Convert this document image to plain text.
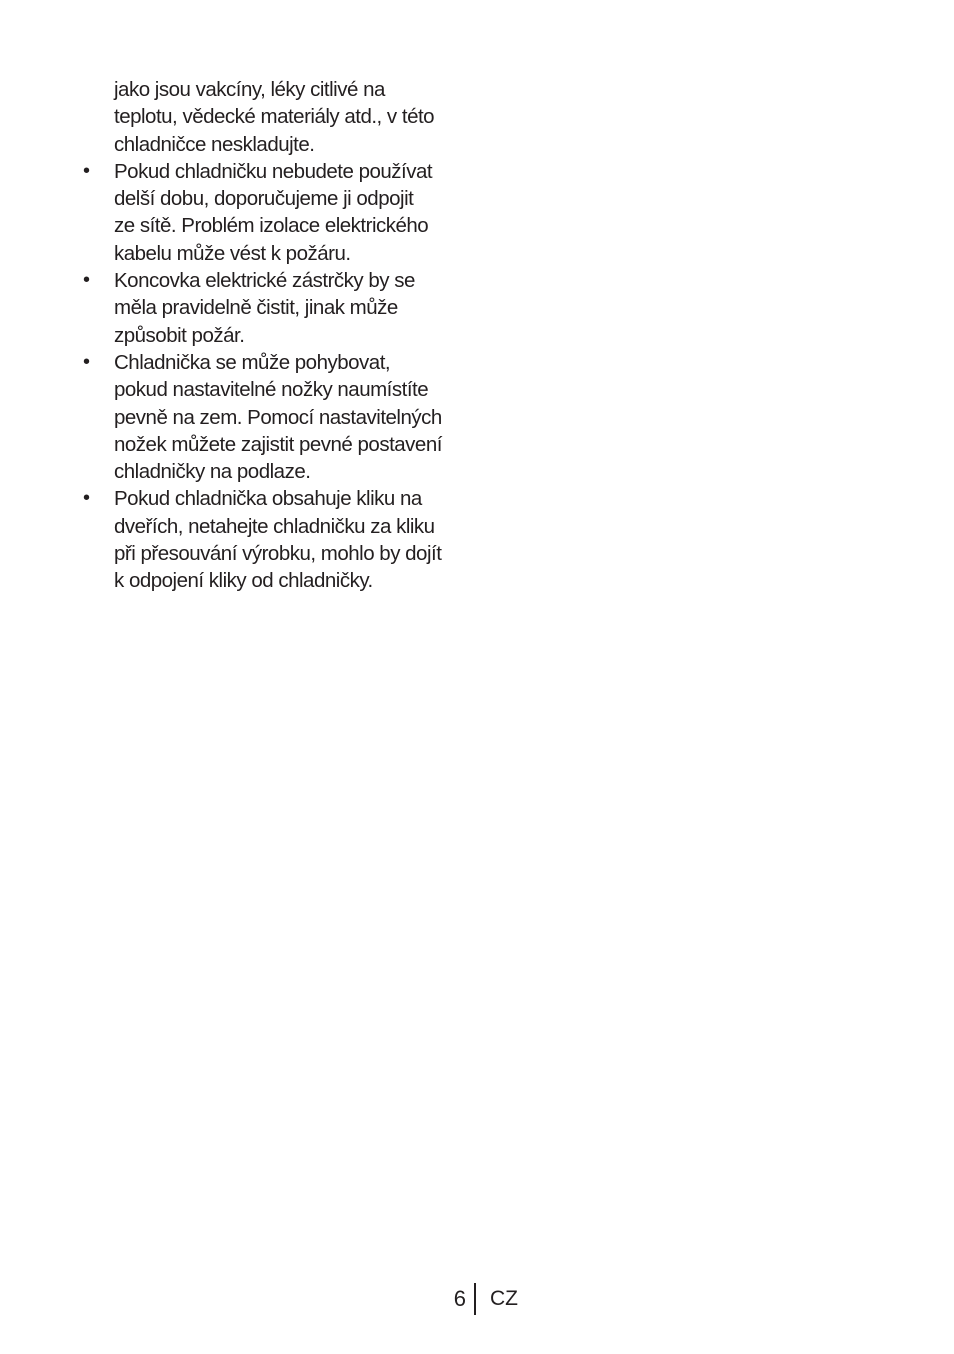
jako jsou vakcíny, léky citlivé na
teplotu, vědecké materiály atd., v této
chladničce neskladujte.

• Pokud chladničku nebudete používat
delší dobu, doporučujeme ji odpojit
ze sítě. Problém izolace elektrického
kabelu může vést k požáru.
• Koncovka elektrické zástrčky by se
měla pravidelně čistit, jinak může
způsobit požár.
• Chladnička se může pohybovat,
pokud nastavitelné nožky naumístíte
pevně na zem. Pomocí nastavitelných
nožek můžete zajistit pevné postavení
chladničky na podlaze.
• Pokud chladnička obsahuje kliku na
dveřích, netahejte chladničku za kliku
při přesouvání výrobku, mohlo by dojít
k odpojení kliky od chladničky.
6 CZ
